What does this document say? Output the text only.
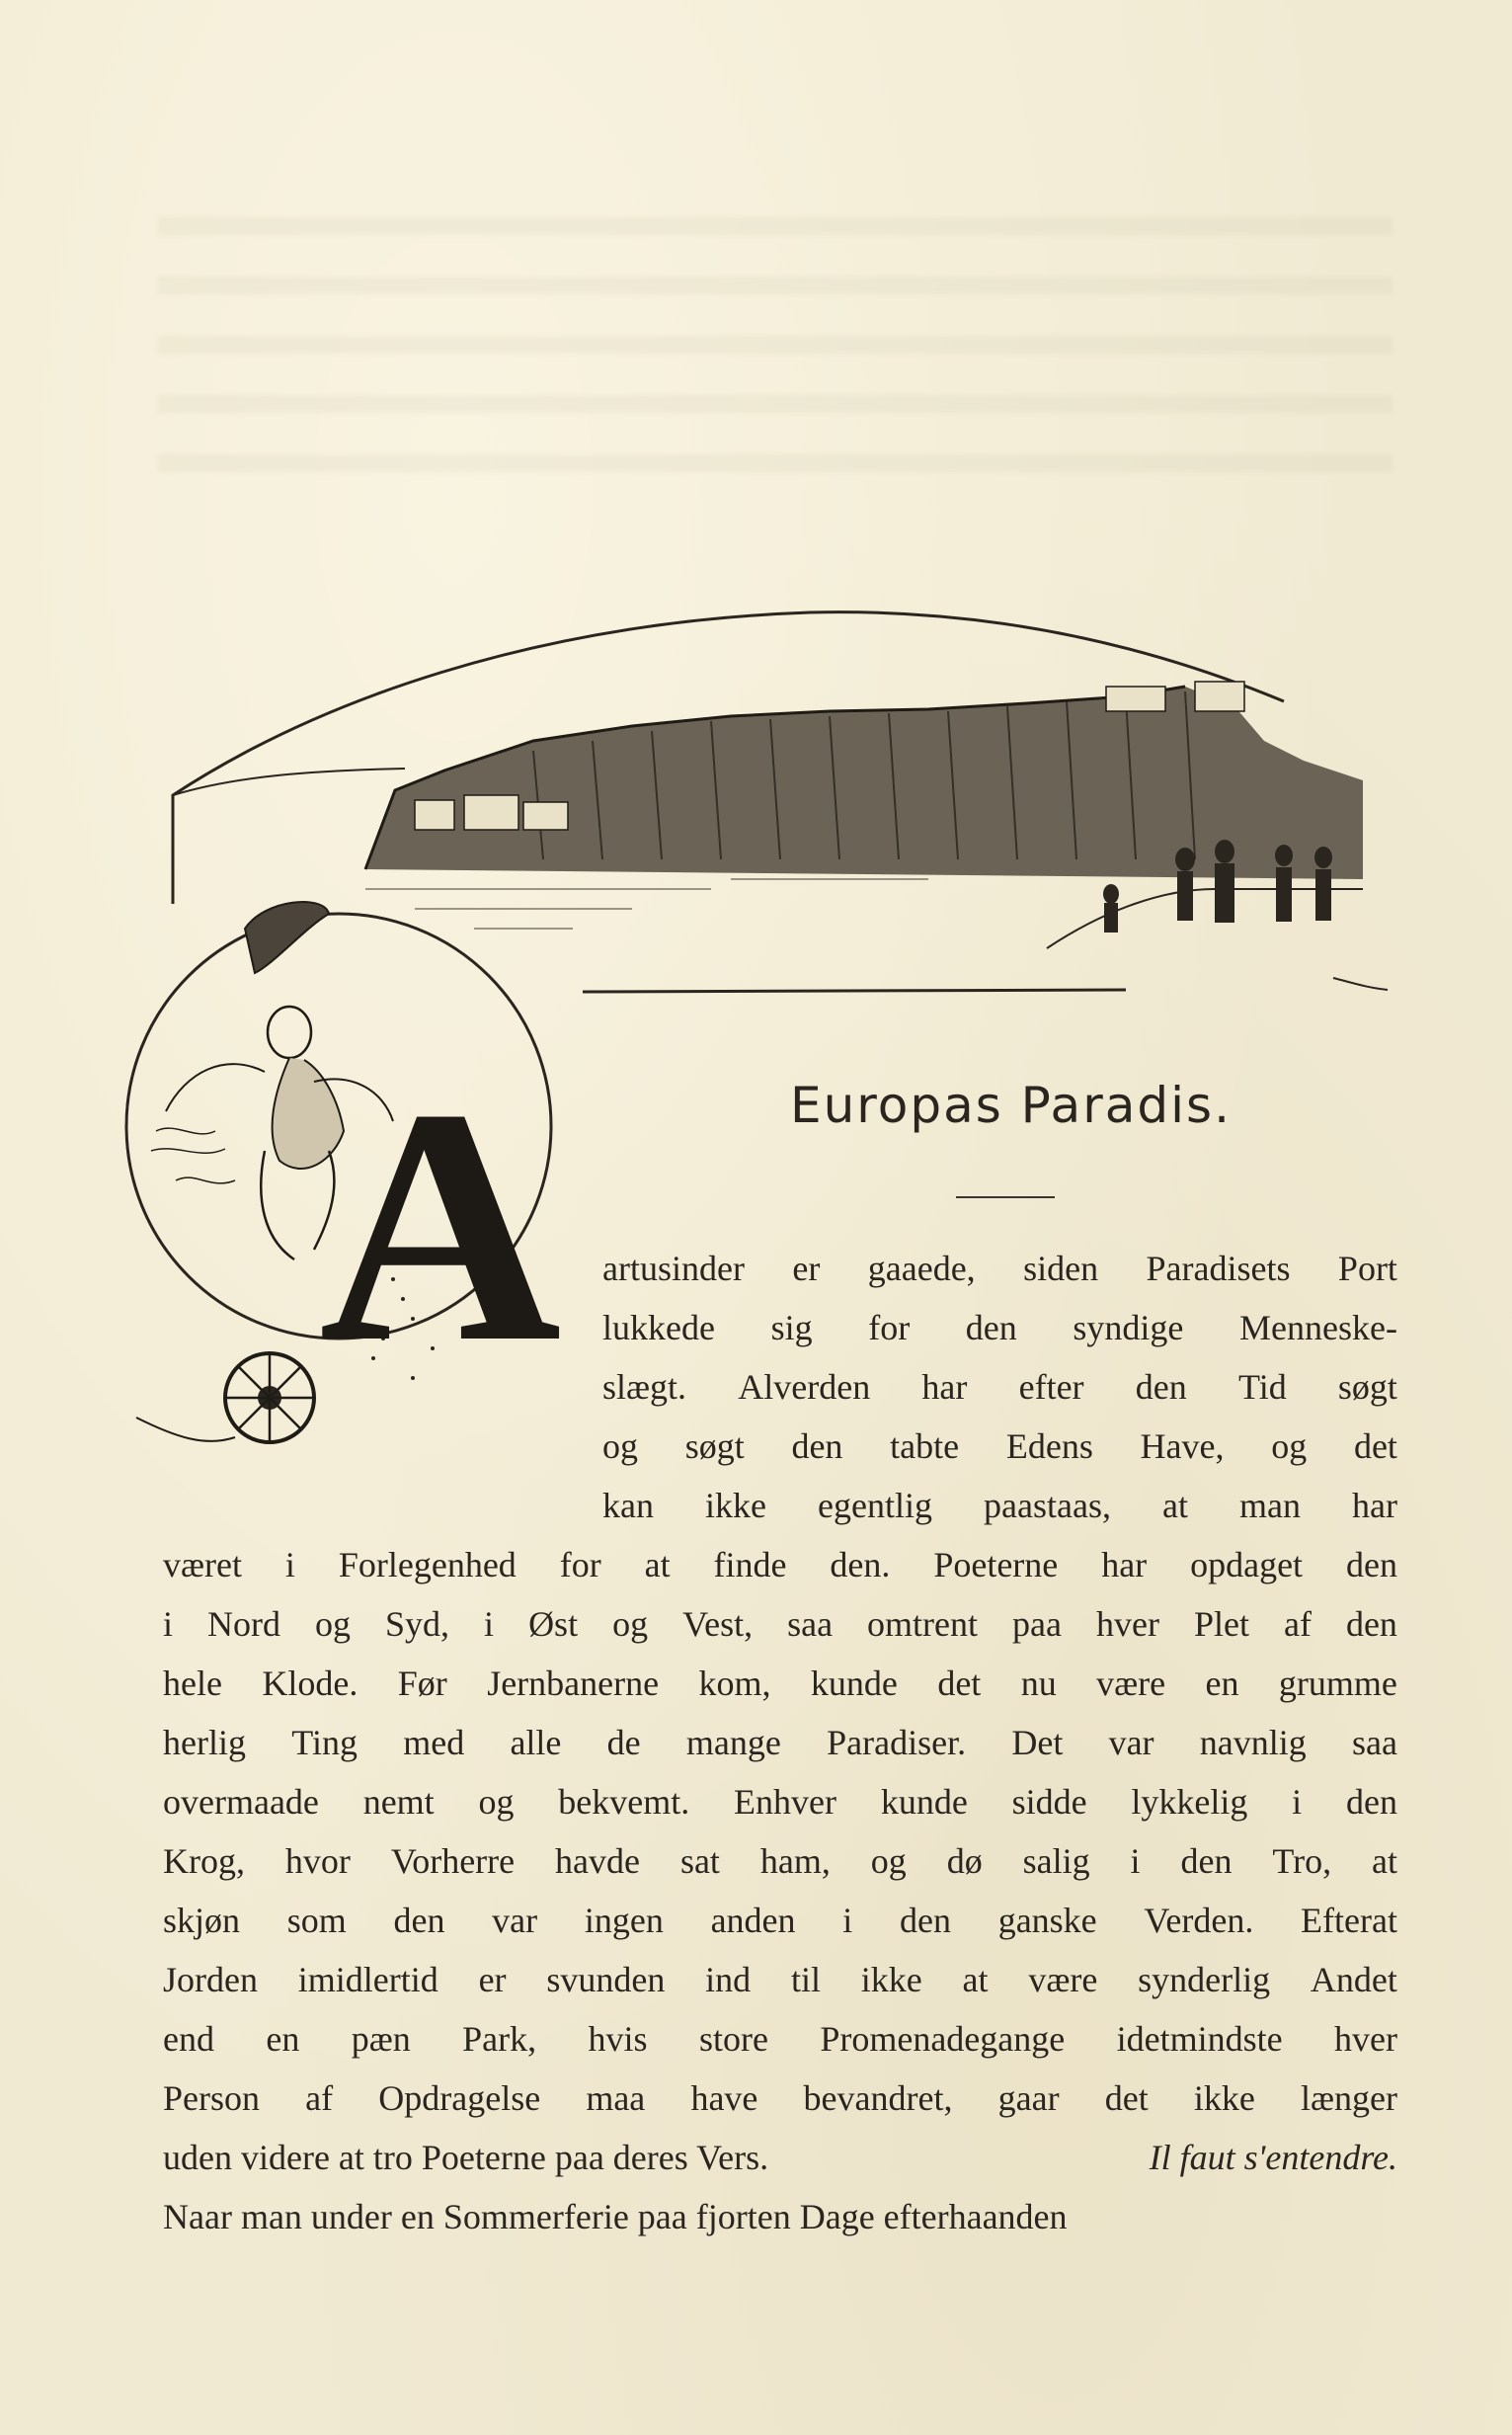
A	Europas Paradis.
artusinder er gaaede, siden Paradisets Port
lukkede sig for den syndige Menneske-
slægt. Alverden har efter den Tid søgt
og søgt den tabte Edens Have, og det
kan ikke egentlig paastaas, at man har
været i Forlegenhed for at finde den. Poeterne har opdaget den
i Nord og Syd, i Øst og Vest, saa omtrent paa hver Plet af den
hele Klode. Før Jernbanerne kom, kunde det nu være en grumme
herlig Ting med alle de mange Paradiser. Det var navnlig saa
overmaade nemt og bekvemt. Enhver kunde sidde lykkelig i den
Krog, hvor Vorherre havde sat ham, og dø salig i den Tro, at
skjøn som den var ingen anden i den ganske Verden. Efterat
Jorden imidlertid er svunden ind til ikke at være synderlig Andet
end en pæn Park, hvis store Promenadegange idetmindste hver
Person af Opdragelse maa have bevandret, gaar det ikke længer
uden videre at tro Poeterne paa deres Vers.	Il faut s'entendre.
Naar man under en Sommerferie paa fjorten Dage efterhaanden
